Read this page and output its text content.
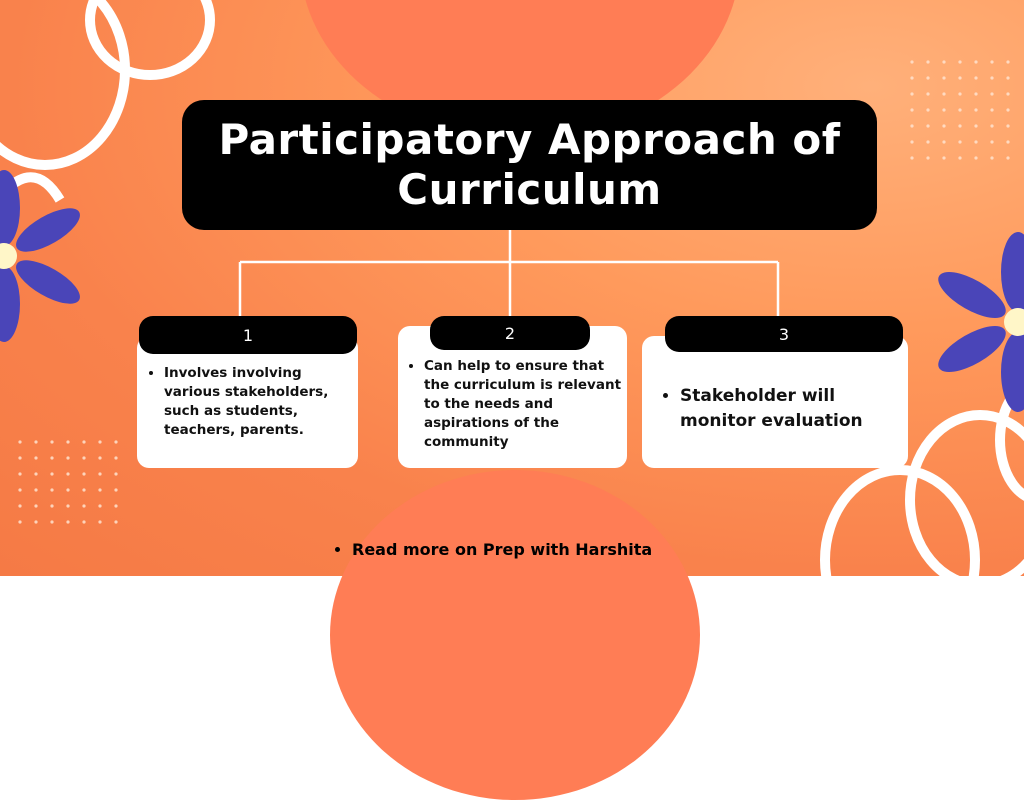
Participatory Approach of Curriculum
1
• Involves involving various stakeholders, such as students, teachers, parents.
2
• Can help to ensure that the curriculum is relevant to the needs and aspirations of the community
3
• Stakeholder will monitor evaluation
• Read more on Prep with Harshita
